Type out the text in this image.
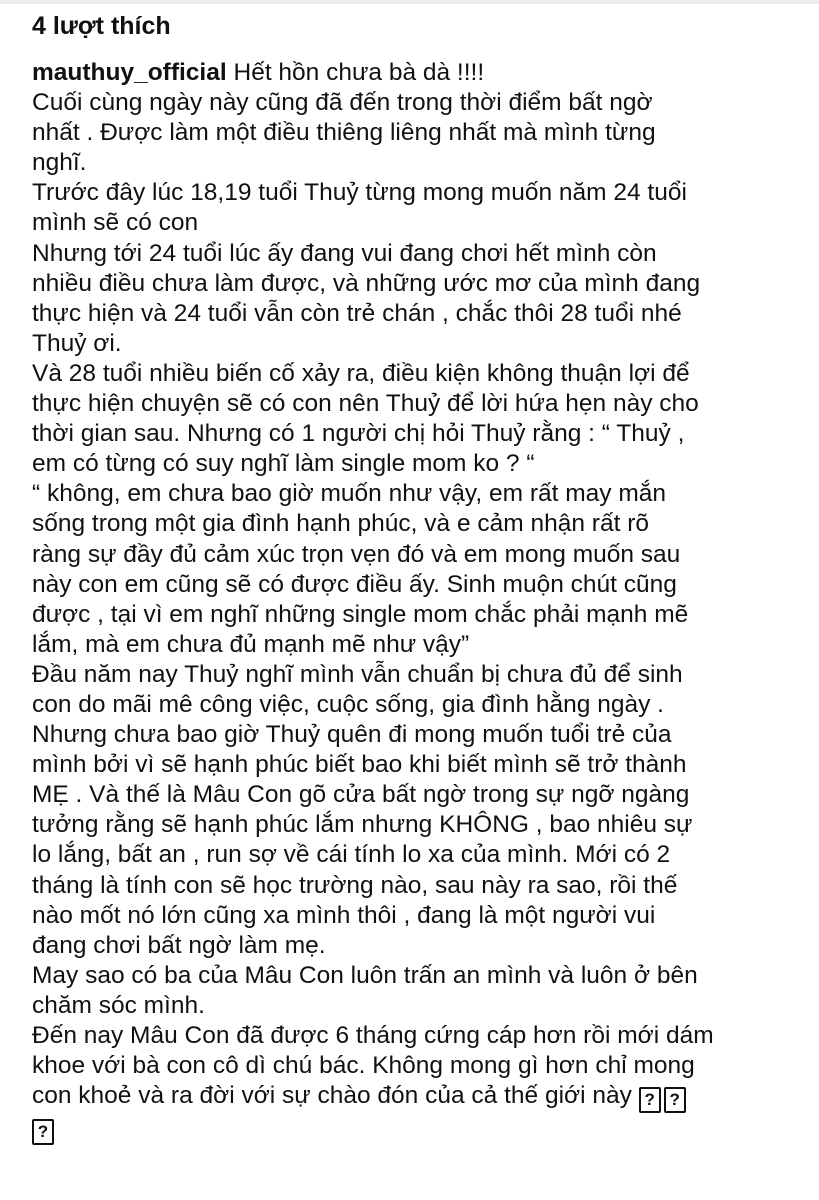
4 lượt thích
mauthuy_official Hết hồn chưa bà dà !!!!
Cuối cùng ngày này cũng đã đến trong thời điểm bất ngờ
nhất . Được làm một điều thiêng liêng nhất mà mình từng
nghĩ.
Trước đây lúc 18,19 tuổi Thuỷ từng mong muốn năm 24 tuổi
mình sẽ có con
Nhưng tới 24 tuổi lúc ấy đang vui đang chơi hết mình còn
nhiều điều chưa làm được, và những ước mơ của mình đang
thực hiện và 24 tuổi vẫn còn trẻ chán , chắc thôi 28 tuổi nhé
Thuỷ ơi.
Và 28 tuổi nhiều biến cố xảy ra, điều kiện không thuận lợi để
thực hiện chuyện sẽ có con nên Thuỷ để lời hứa hẹn này cho
thời gian sau. Nhưng có 1 người chị hỏi Thuỷ rằng : “ Thuỷ ,
em có từng có suy nghĩ làm single mom ko ? “
“ không, em chưa bao giờ muốn như vậy, em rất may mắn
sống trong một gia đình hạnh phúc, và e cảm nhận rất rõ
ràng sự đầy đủ cảm xúc trọn vẹn đó và em mong muốn sau
này con em cũng sẽ có được điều ấy. Sinh muộn chút cũng
được , tại vì em nghĩ những single mom chắc phải mạnh mẽ
lắm, mà em chưa đủ mạnh mẽ như vậy”
Đầu năm nay Thuỷ nghĩ mình vẫn chuẩn bị chưa đủ để sinh
con do mãi mê công việc, cuộc sống, gia đình hằng ngày .
Nhưng chưa bao giờ Thuỷ quên đi mong muốn tuổi trẻ của
mình bởi vì sẽ hạnh phúc biết bao khi biết mình sẽ trở thành
MẸ . Và thế là Mâu Con gõ cửa bất ngờ trong sự ngỡ ngàng
tưởng rằng sẽ hạnh phúc lắm nhưng KHÔNG , bao nhiêu sự
lo lắng, bất an , run sợ về cái tính lo xa của mình. Mới có 2
tháng là tính con sẽ học trường nào, sau này ra sao, rồi thế
nào mốt nó lớn cũng xa mình thôi , đang là một người vui
đang chơi bất ngờ làm mẹ.
May sao có ba của Mâu Con luôn trấn an mình và luôn ở bên
chăm sóc mình.
Đến nay Mâu Con đã được 6 tháng cứng cáp hơn rồi mới dám
khoe với bà con cô dì chú bác. Không mong gì hơn chỉ mong
con khoẻ và ra đời với sự chào đón của cả thế giới này ? ?
?
